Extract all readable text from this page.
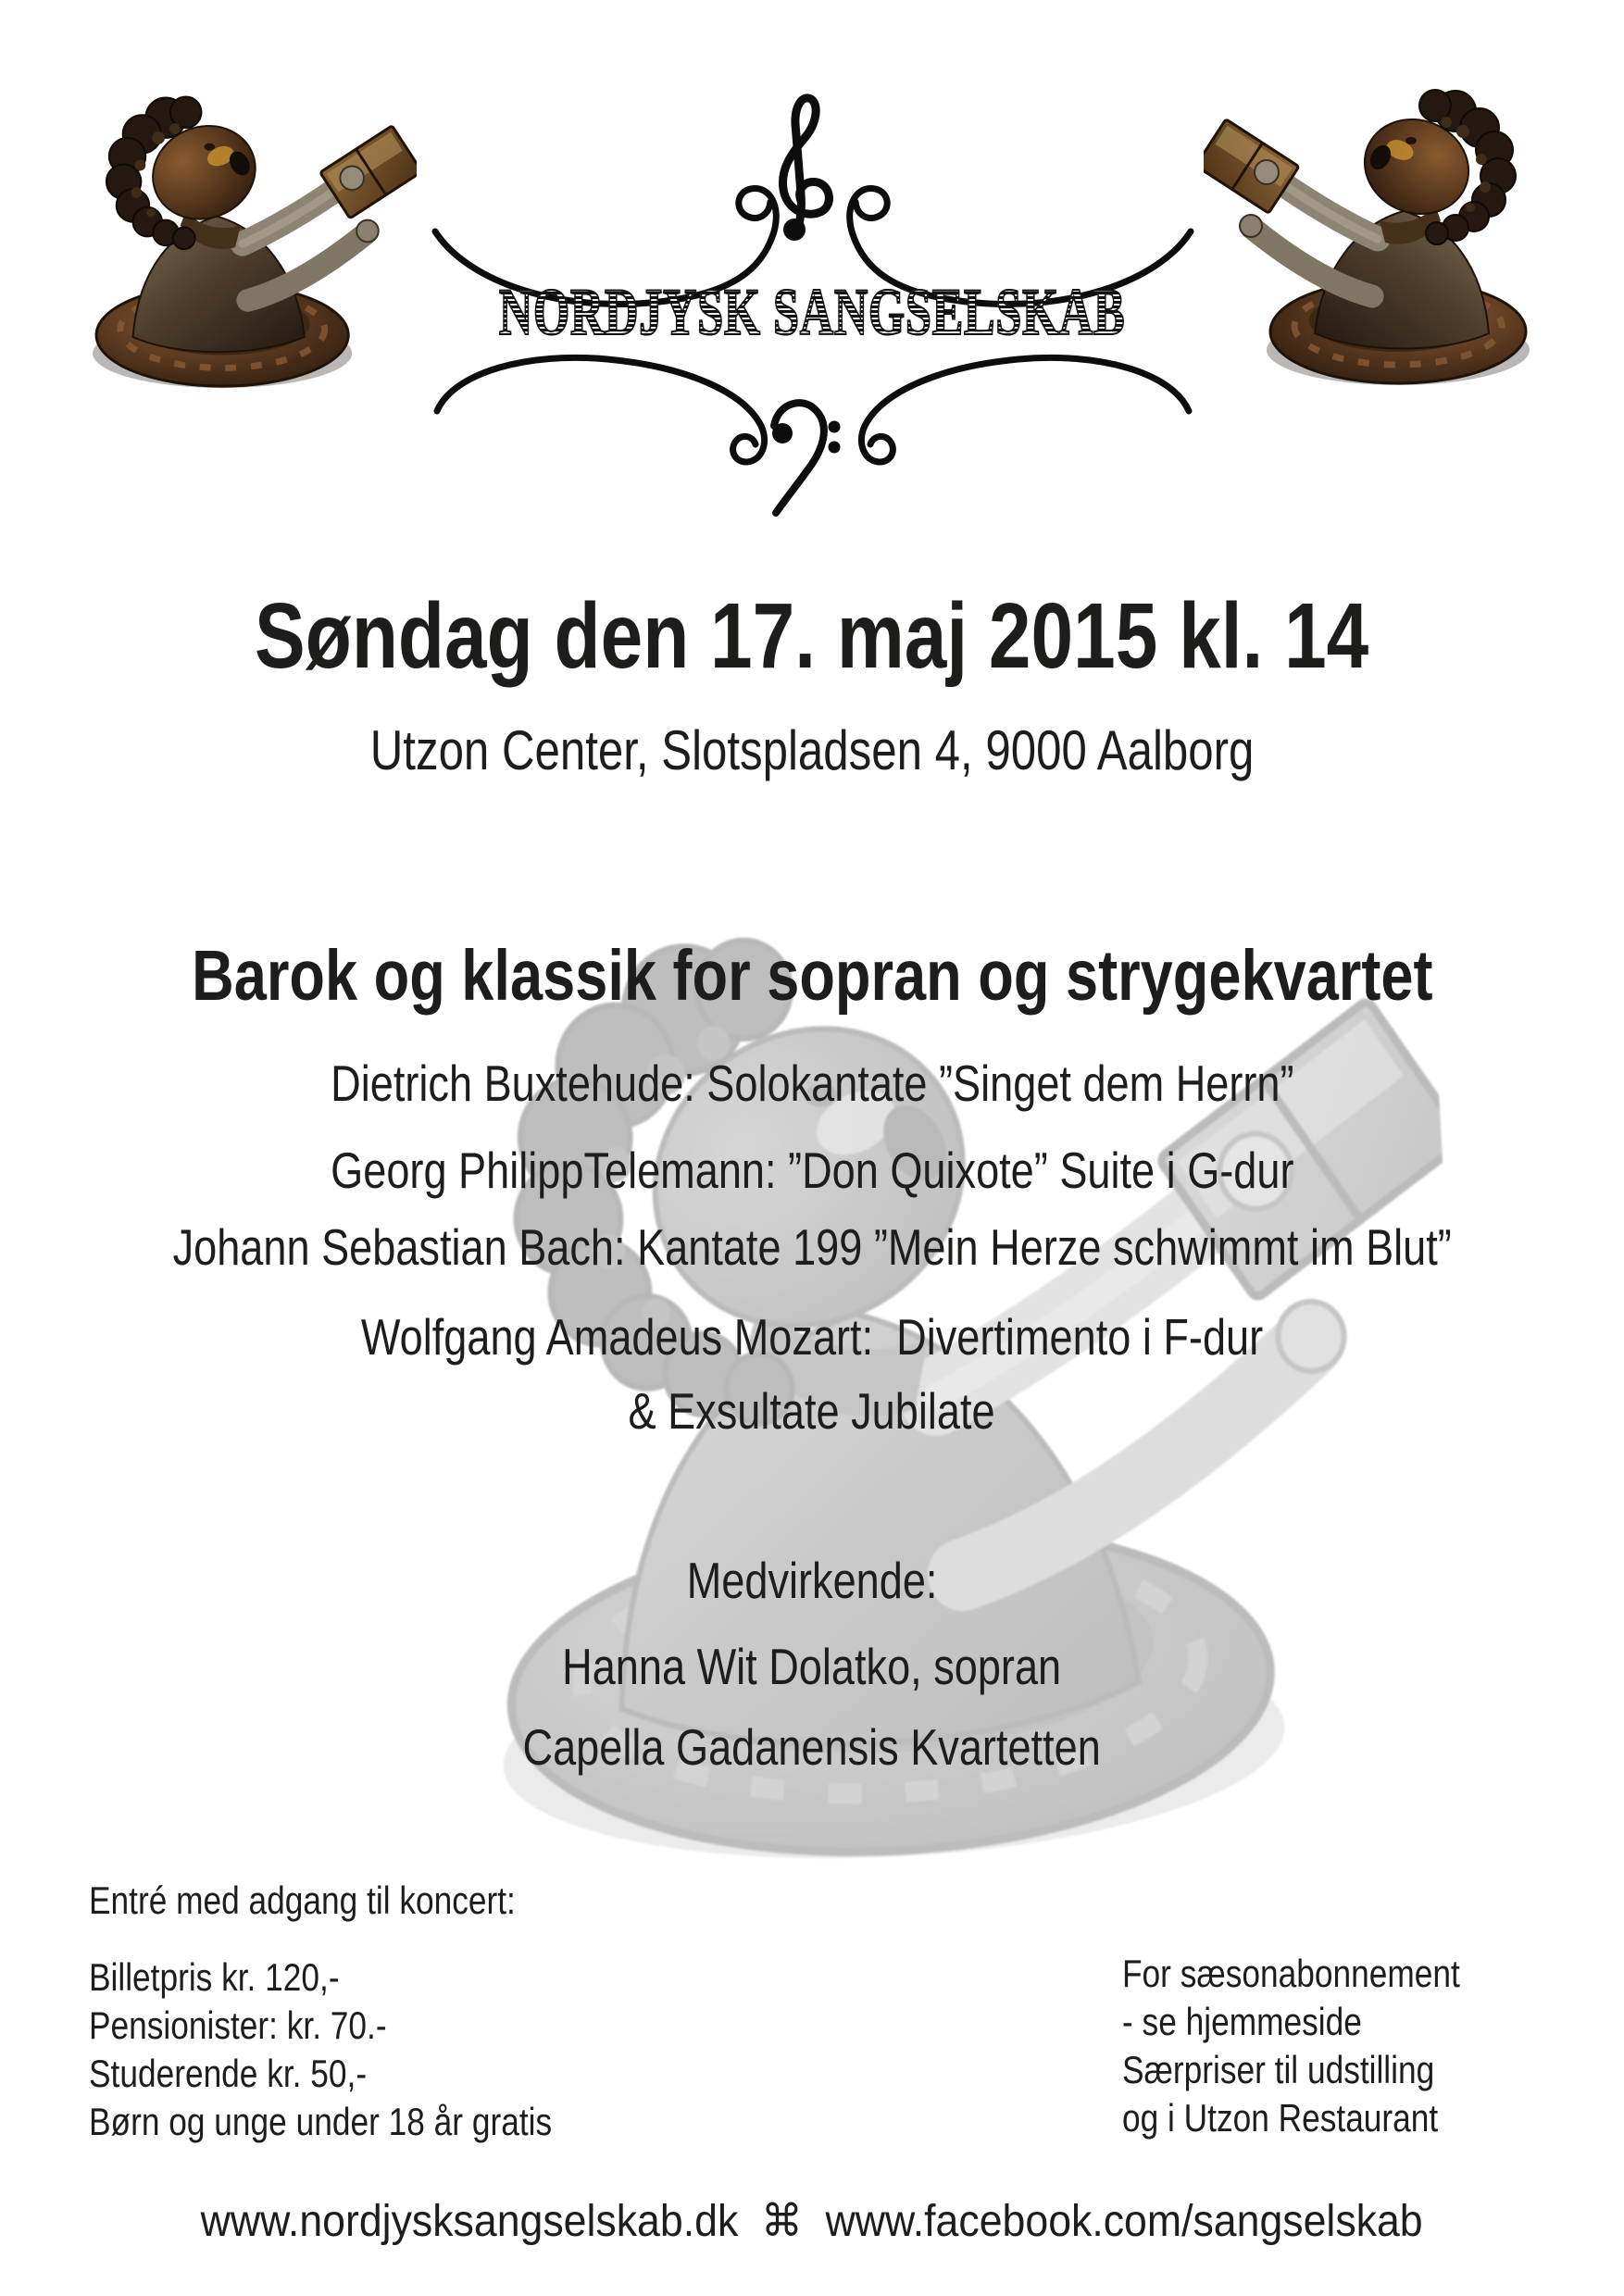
NORDJYSK SANGSELSKAB
Søndag den 17. maj 2015 kl. 14
Utzon Center, Slotspladsen 4, 9000 Aalborg
Barok og klassik for sopran og strygekvartet
Dietrich Buxtehude: Solokantate ”Singet dem Herrn”
Georg PhilippTelemann: ”Don Quixote” Suite i G-dur
Johann Sebastian Bach: Kantate 199 ”Mein Herze schwimmt im Blut”
Wolfgang Amadeus Mozart:  Divertimento i F-dur
& Exsultate Jubilate
Medvirkende:
Hanna Wit Dolatko, sopran
Capella Gadanensis Kvartetten
Entré med adgang til koncert:
Billetpris kr. 120,-
Pensionister: kr. 70.-
Studerende kr. 50,-
Børn og unge under 18 år gratis
For sæsonabonnement
- se hjemmeside
Særpriser til udstilling
og i Utzon Restaurant
www.nordjysksangselskab.dk ⌘ www.facebook.com/sangselskab
